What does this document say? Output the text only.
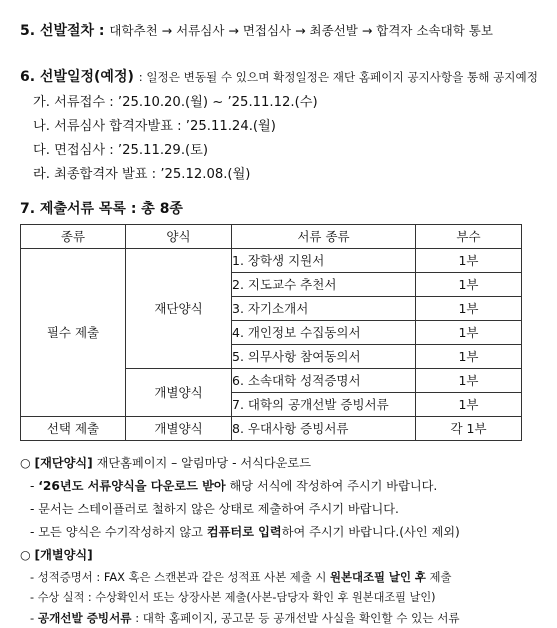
5. 선발절차 : 대학추천 → 서류심사 → 면접심사 → 최종선발 → 합격자 소속대학 통보
6. 선발일정(예정) : 일정은 변동될 수 있으며 확정일정은 재단 홈페이지 공지사항을 통해 공지예정
가. 서류접수 : ’25.10.20.(월) ~ ’25.11.12.(수)
나. 서류심사 합격자발표 : ’25.11.24.(월)
다. 면접심사 : ’25.11.29.(토)
라. 최종합격자 발표 : ’25.12.08.(월)
7. 제출서류 목록 : 총 8종
종류	양식	서류 종류	부수
필수 제출	재단양식	1. 장학생 지원서	1부
		2. 지도교수 추천서	1부
		3. 자기소개서	1부
		4. 개인정보 수집동의서	1부
		5. 의무사항 참여동의서	1부
	개별양식	6. 소속대학 성적증명서	1부
		7. 대학의 공개선발 증빙서류	1부
선택 제출	개별양식	8. 우대사항 증빙서류	각 1부
○ [재단양식] 재단홈페이지 – 알림마당 - 서식다운로드
- ‘26년도 서류양식을 다운로드 받아 해당 서식에 작성하여 주시기 바랍니다.
- 문서는 스테이플러로 철하지 않은 상태로 제출하여 주시기 바랍니다.
- 모든 양식은 수기작성하지 않고 컴퓨터로 입력하여 주시기 바랍니다.(사인 제외)
○ [개별양식]
- 성적증명서 : FAX 혹은 스캔본과 같은 성적표 사본 제출 시 원본대조필 날인 후 제출
- 수상 실적 : 수상확인서 또는 상장사본 제출(사본-담당자 확인 후 원본대조필 날인)
- 공개선발 증빙서류 : 대학 홈페이지, 공고문 등 공개선발 사실을 확인할 수 있는 서류
